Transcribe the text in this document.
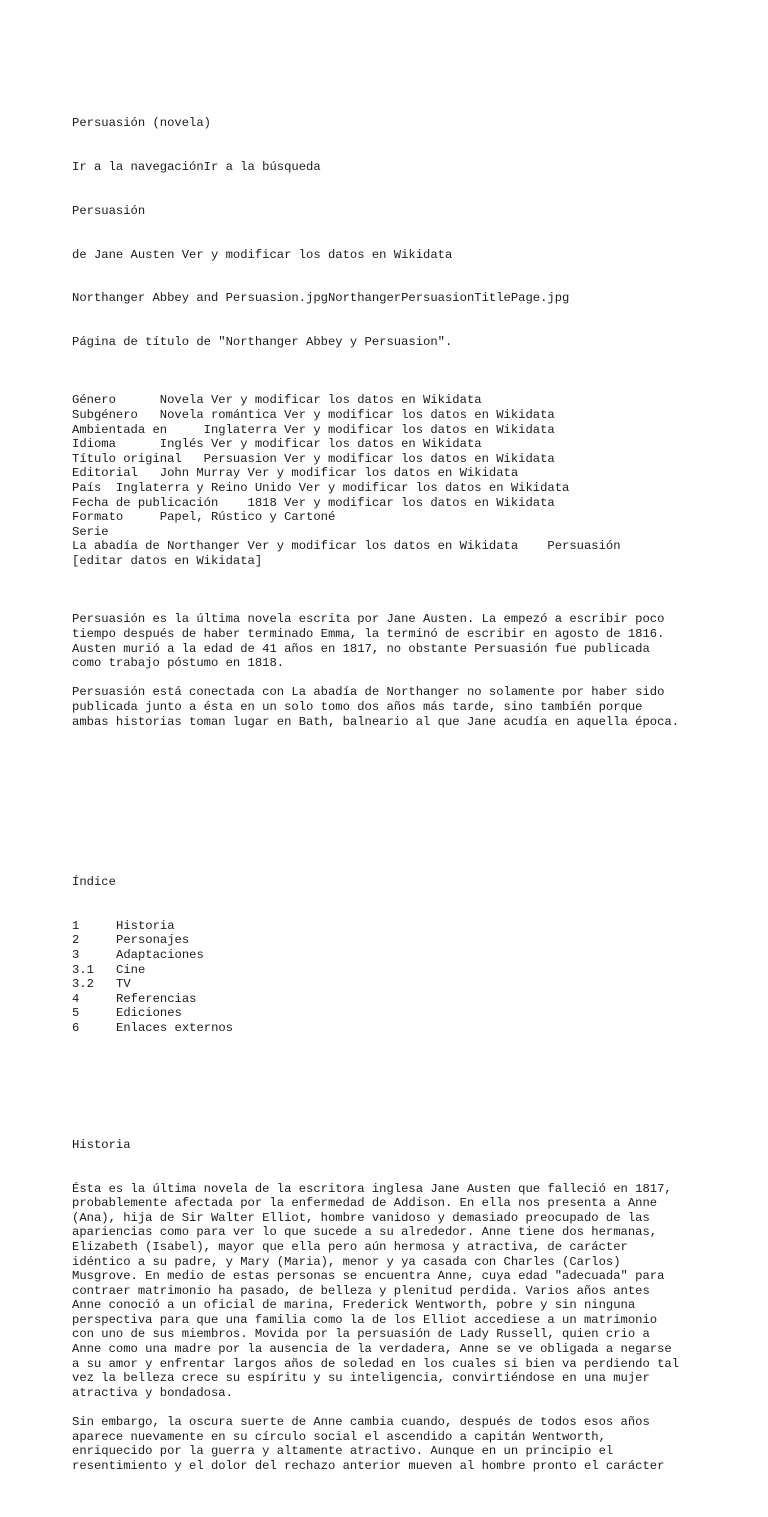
Persuasión (novela)

Ir a la navegaciónIr a la búsqueda

Persuasión

de Jane Austen Ver y modificar los datos en Wikidata

Northanger Abbey and Persuasion.jpgNorthangerPersuasionTitlePage.jpg

Página de título de "Northanger Abbey y Persuasion".

Género      Novela Ver y modificar los datos en Wikidata
Subgénero   Novela romántica Ver y modificar los datos en Wikidata
Ambientada en     Inglaterra Ver y modificar los datos en Wikidata
Idioma      Inglés Ver y modificar los datos en Wikidata
Título original   Persuasion Ver y modificar los datos en Wikidata
Editorial   John Murray Ver y modificar los datos en Wikidata
País  Inglaterra y Reino Unido Ver y modificar los datos en Wikidata
Fecha de publicación    1818 Ver y modificar los datos en Wikidata
Formato     Papel, Rústico y Cartoné
Serie
La abadía de Northanger Ver y modificar los datos en Wikidata    Persuasión
[editar datos en Wikidata]

Persuasión es la última novela escrita por Jane Austen. La empezó a escribir poco
tiempo después de haber terminado Emma, la terminó de escribir en agosto de 1816.
Austen murió a la edad de 41 años en 1817, no obstante Persuasión fue publicada
como trabajo póstumo en 1818.
Persuasión está conectada con La abadía de Northanger no solamente por haber sido
publicada junto a ésta en un solo tomo dos años más tarde, sino también porque
ambas historias toman lugar en Bath, balneario al que Jane acudía en aquella época.

Índice

1	Historia
2	Personajes
3	Adaptaciones
3.1 Cine
3.2 TV
4	Referencias
5	Ediciones
6	Enlaces externos

Historia

Ésta es la última novela de la escritora inglesa Jane Austen que falleció en 1817,
probablemente afectada por la enfermedad de Addison. En ella nos presenta a Anne
(Ana), hija de Sir Walter Elliot, hombre vanidoso y demasiado preocupado de las
apariencias como para ver lo que sucede a su alrededor. Anne tiene dos hermanas,
Elizabeth (Isabel), mayor que ella pero aún hermosa y atractiva, de carácter
idéntico a su padre, y Mary (Maria), menor y ya casada con Charles (Carlos)
Musgrove. En medio de estas personas se encuentra Anne, cuya edad "adecuada" para
contraer matrimonio ha pasado, de belleza y plenitud perdida. Varios años antes
Anne conoció a un oficial de marina, Frederick Wentworth, pobre y sin ninguna
perspectiva para que una familia como la de los Elliot accediese a un matrimonio
con uno de sus miembros. Movida por la persuasión de Lady Russell, quien crio a
Anne como una madre por la ausencia de la verdadera, Anne se ve obligada a negarse
a su amor y enfrentar largos años de soledad en los cuales si bien va perdiendo tal
vez la belleza crece su espíritu y su inteligencia, convirtiéndose en una mujer
atractiva y bondadosa.
Sin embargo, la oscura suerte de Anne cambia cuando, después de todos esos años
aparece nuevamente en su círculo social el ascendido a capitán Wentworth,
enriquecido por la guerra y altamente atractivo. Aunque en un principio el
resentimiento y el dolor del rechazo anterior mueven al hombre pronto el carácter
